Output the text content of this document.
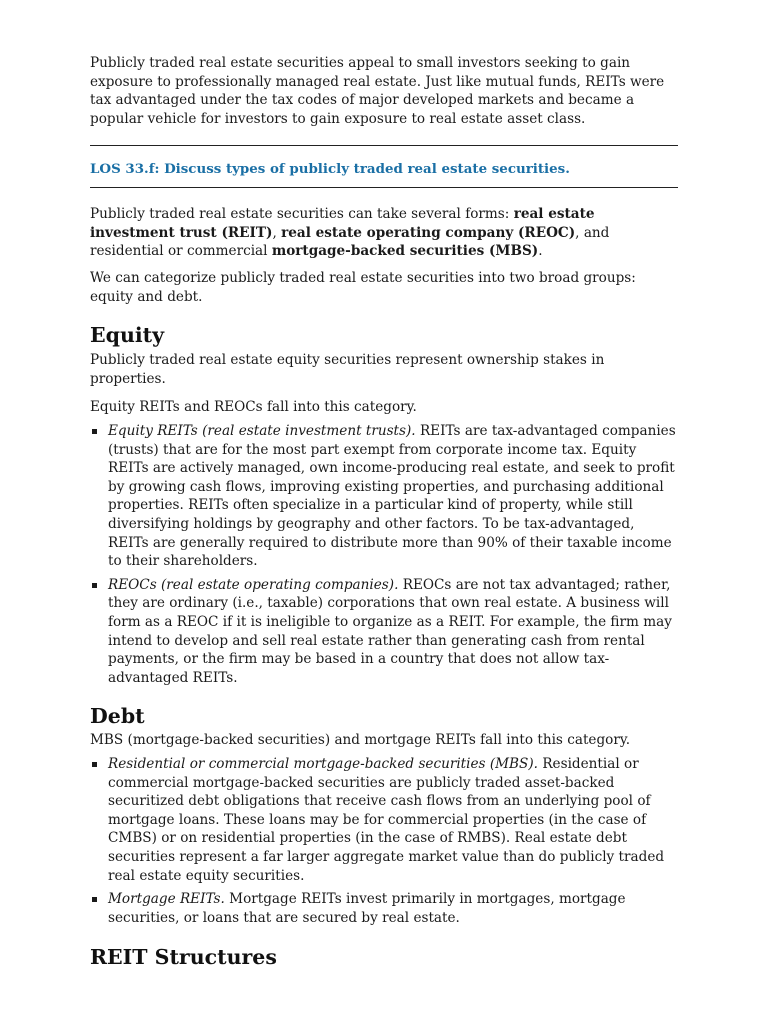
Publicly traded real estate securities appeal to small investors seeking to gain exposure to professionally managed real estate. Just like mutual funds, REITs were tax advantaged under the tax codes of major developed markets and became a popular vehicle for investors to gain exposure to real estate asset class.

LOS 33.f: Discuss types of publicly traded real estate securities.

Publicly traded real estate securities can take several forms: real estate investment trust (REIT), real estate operating company (REOC), and residential or commercial mortgage-backed securities (MBS).

We can categorize publicly traded real estate securities into two broad groups: equity and debt.

Equity

Publicly traded real estate equity securities represent ownership stakes in properties.

Equity REITs and REOCs fall into this category.

Equity REITs (real estate investment trusts). REITs are tax-advantaged companies (trusts) that are for the most part exempt from corporate income tax. Equity REITs are actively managed, own income-producing real estate, and seek to profit by growing cash flows, improving existing properties, and purchasing additional properties. REITs often specialize in a particular kind of property, while still diversifying holdings by geography and other factors. To be tax-advantaged, REITs are generally required to distribute more than 90% of their taxable income to their shareholders.
REOCs (real estate operating companies). REOCs are not tax advantaged; rather, they are ordinary (i.e., taxable) corporations that own real estate. A business will form as a REOC if it is ineligible to organize as a REIT. For example, the firm may intend to develop and sell real estate rather than generating cash from rental payments, or the firm may be based in a country that does not allow tax-advantaged REITs.
Debt

MBS (mortgage-backed securities) and mortgage REITs fall into this category.

Residential or commercial mortgage-backed securities (MBS). Residential or commercial mortgage-backed securities are publicly traded asset-backed securitized debt obligations that receive cash flows from an underlying pool of mortgage loans. These loans may be for commercial properties (in the case of CMBS) or on residential properties (in the case of RMBS). Real estate debt securities represent a far larger aggregate market value than do publicly traded real estate equity securities.
Mortgage REITs. Mortgage REITs invest primarily in mortgages, mortgage securities, or loans that are secured by real estate.
REIT Structures
